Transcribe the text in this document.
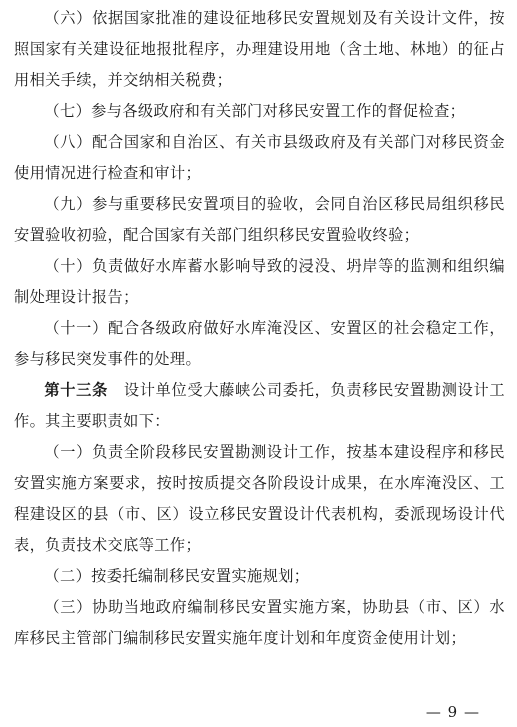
（六）依据国家批准的建设征地移民安置规划及有关设计文件，按照国家有关建设征地报批程序，办理建设用地（含土地、林地）的征占用相关手续，并交纳相关税费；

（七）参与各级政府和有关部门对移民安置工作的督促检查；

（八）配合国家和自治区、有关市县级政府及有关部门对移民资金使用情况进行检查和审计；

（九）参与重要移民安置项目的验收，会同自治区移民局组织移民安置验收初验，配合国家有关部门组织移民安置验收终验；

（十）负责做好水库蓄水影响导致的浸没、坍岸等的监测和组织编制处理设计报告；

（十一）配合各级政府做好水库淹没区、安置区的社会稳定工作，参与移民突发事件的处理。

第十三条  设计单位受大藤峡公司委托，负责移民安置勘测设计工作。其主要职责如下：

（一）负责全阶段移民安置勘测设计工作，按基本建设程序和移民安置实施方案要求，按时按质提交各阶段设计成果，在水库淹没区、工程建设区的县（市、区）设立移民安置设计代表机构，委派现场设计代表，负责技术交底等工作；

（二）按委托编制移民安置实施规划；

（三）协助当地政府编制移民安置实施方案，协助县（市、区）水库移民主管部门编制移民安置实施年度计划和年度资金使用计划；

— 9 —
